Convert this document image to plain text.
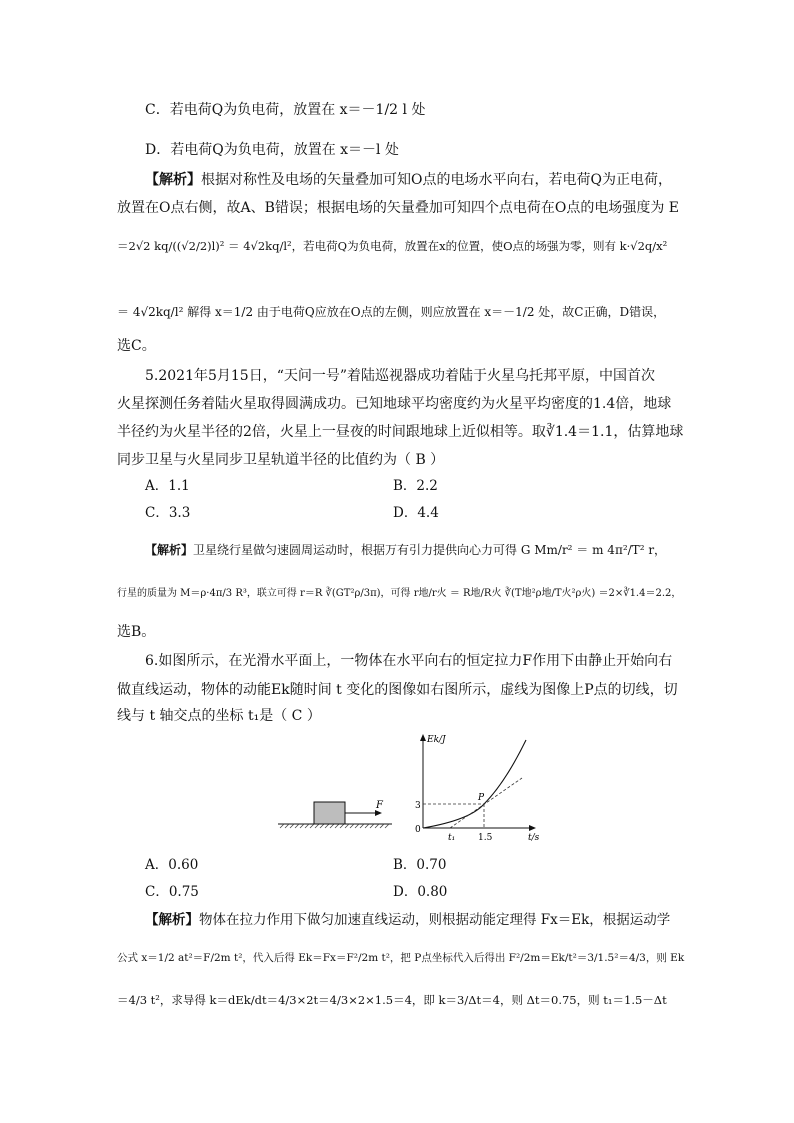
C．若电荷Q为负电荷，放置在 x＝－1/2 l 处
D．若电荷Q为负电荷，放置在 x＝－l 处
【解析】根据对称性及电场的矢量叠加可知O点的电场水平向右，若电荷Q为正电荷，
放置在O点右侧，故A、B错误；根据电场的矢量叠加可知四个点电荷在O点的电场强度为 E
＝2√2 kq/((√2/2)l)² ＝ 4√2kq/l²，若电荷Q为负电荷，放置在x的位置，使O点的场强为零，则有 k·√2q/x²
＝ 4√2kq/l² 解得 x＝1/2 由于电荷Q应放在O点的左侧，则应放置在 x＝－1/2 处，故C正确，D错误，
选C。
5.2021年5月15日，“天问一号”着陆巡视器成功着陆于火星乌托邦平原，中国首次
火星探测任务着陆火星取得圆满成功。已知地球平均密度约为火星平均密度的1.4倍，地球
半径约为火星半径的2倍，火星上一昼夜的时间跟地球上近似相等。取∛1.4＝1.1，估算地球
同步卫星与火星同步卫星轨道半径的比值约为（ B ）
A．1.1	B．2.2
C．3.3	D．4.4
【解析】卫星绕行星做匀速圆周运动时，根据万有引力提供向心力可得 G Mm/r² ＝ m 4π²/T² r，
行星的质量为 M＝ρ·4π/3 R³，联立可得 r＝R ∛(GT²ρ/3π)，可得 r地/r火 ＝ R地/R火 ∛(T地²ρ地/T火²ρ火) ＝2×∛1.4＝2.2，
选B。
6.如图所示，在光滑水平面上，一物体在水平向右的恒定拉力F作用下由静止开始向右
做直线运动，物体的动能Ek随时间 t 变化的图像如右图所示，虚线为图像上P点的切线，切
线与 t 轴交点的坐标 t₁是（ C ）
F
Ek/J
t/s
0
3
1.5
t₁
P
A．0.60	B．0.70
C．0.75	D．0.80
【解析】物体在拉力作用下做匀加速直线运动，则根据动能定理得 Fx＝Ek，根据运动学
公式 x＝1/2 at²＝F/2m t²，代入后得 Ek＝Fx＝F²/2m t²，把 P点坐标代入后得出 F²/2m＝Ek/t²＝3/1.5²＝4/3，则 Ek
＝4/3 t²，求导得 k＝dEk/dt＝4/3×2t＝4/3×2×1.5＝4，即 k＝3/Δt＝4，则 Δt＝0.75，则 t₁＝1.5－Δt
